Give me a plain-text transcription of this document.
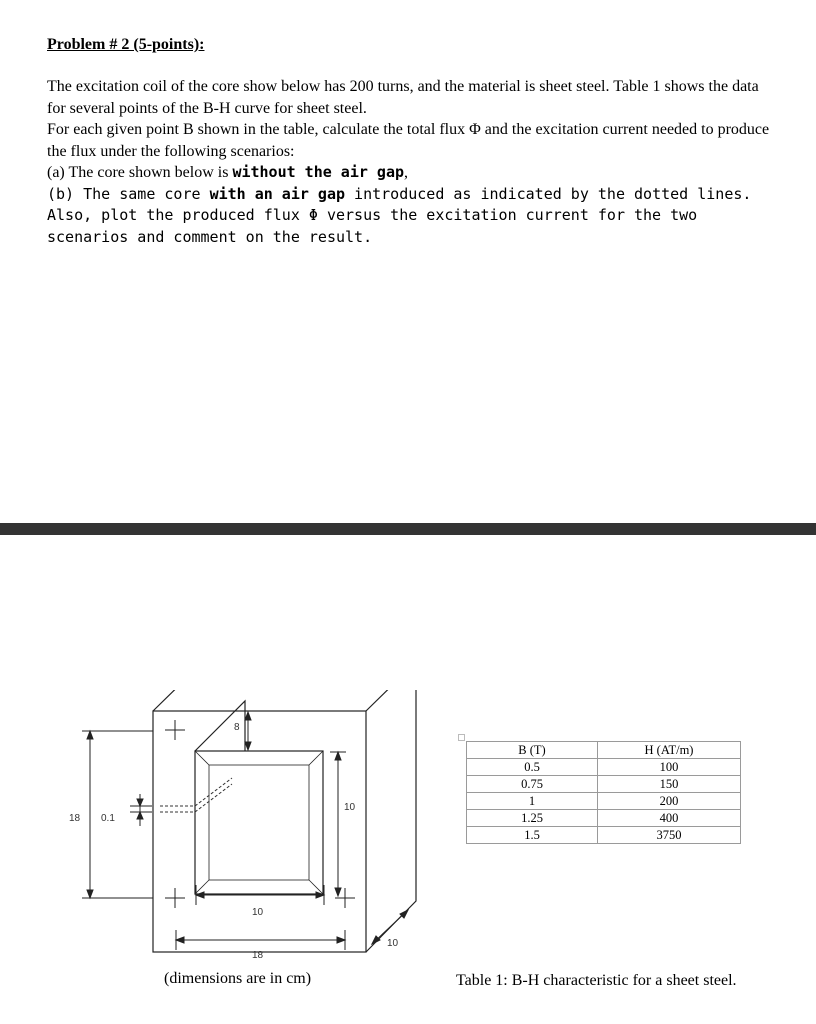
Problem # 2 (5-points):

The excitation coil of the core show below has 200 turns, and the material is sheet steel. Table 1 shows the data for several points of the B-H curve for sheet steel.

For each given point B shown in the table, calculate the total flux Φ and the excitation current needed to produce the flux under the following scenarios:

(a) The core shown below is without the air gap,

(b) The same core with an air gap introduced as indicated by the dotted lines.

Also, plot the produced flux Φ versus the excitation current for the two scenarios and comment on the result.

18 0.1
8
10
10
18
10
(dimensions are in cm)
B (T)	H (AT/m)
0.5	100
0.75	150
1	200
1.25	400
1.5	3750
Table 1: B-H characteristic for a sheet steel.
